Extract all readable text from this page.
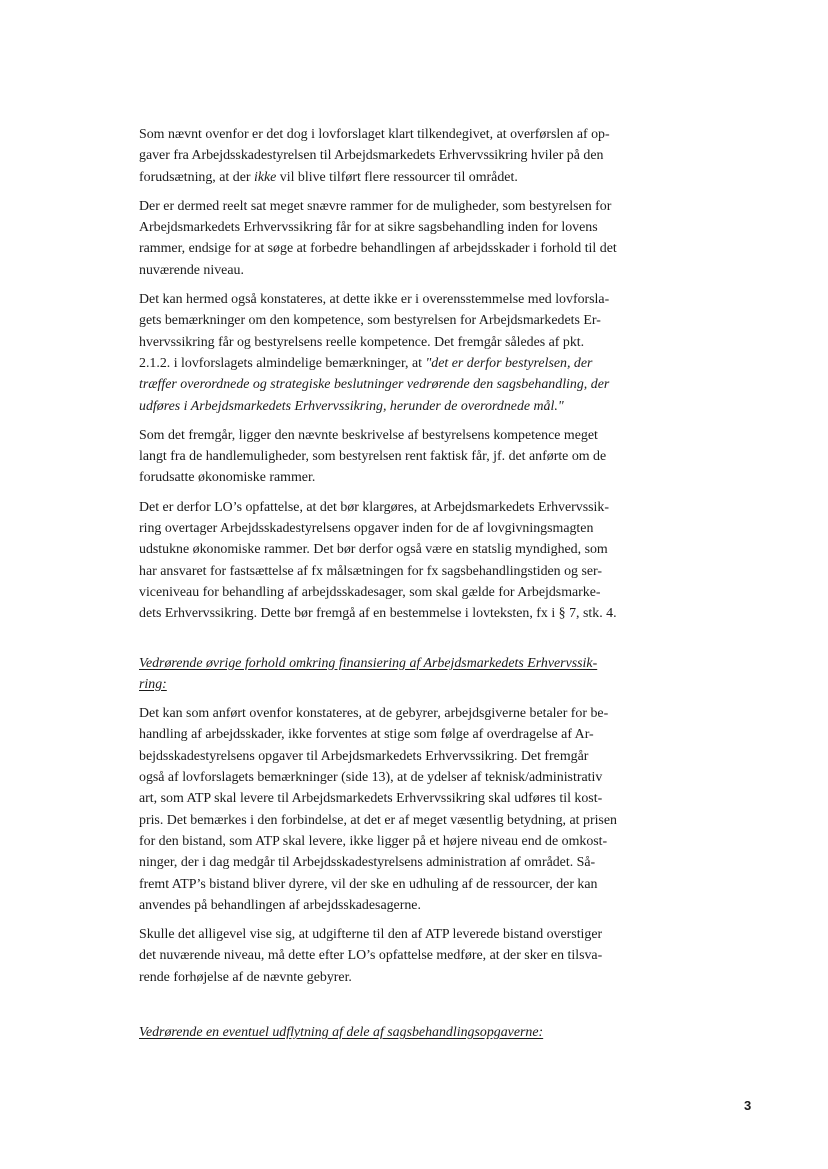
Som nævnt ovenfor er det dog i lovforslaget klart tilkendegivet, at overførslen af op-
gaver fra Arbejdsskadestyrelsen til Arbejdsmarkedets Erhvervssikring hviler på den
forudsætning, at der ikke vil blive tilført flere ressourcer til området.
Der er dermed reelt sat meget snævre rammer for de muligheder, som bestyrelsen for
Arbejdsmarkedets Erhvervssikring får for at sikre sagsbehandling inden for lovens
rammer, endsige for at søge at forbedre behandlingen af arbejdsskader i forhold til det
nuværende niveau.
Det kan hermed også konstateres, at dette ikke er i overensstemmelse med lovforsla-
gets bemærkninger om den kompetence, som bestyrelsen for Arbejdsmarkedets Er-
hvervssikring får og bestyrelsens reelle kompetence. Det fremgår således af pkt.
2.1.2. i lovforslagets almindelige bemærkninger, at "det er derfor bestyrelsen, der
træffer overordnede og strategiske beslutninger vedrørende den sagsbehandling, der
udføres i Arbejdsmarkedets Erhvervssikring, herunder de overordnede mål."
Som det fremgår, ligger den nævnte beskrivelse af bestyrelsens kompetence meget
langt fra de handlemuligheder, som bestyrelsen rent faktisk får, jf. det anførte om de
forudsatte økonomiske rammer.
Det er derfor LO’s opfattelse, at det bør klargøres, at Arbejdsmarkedets Erhvervssik-
ring overtager Arbejdsskadestyrelsens opgaver inden for de af lovgivningsmagten
udstukne økonomiske rammer. Det bør derfor også være en statslig myndighed, som
har ansvaret for fastsættelse af fx målsætningen for fx sagsbehandlingstiden og ser-
viceniveau for behandling af arbejdsskadesager, som skal gælde for Arbejdsmarke-
dets Erhvervssikring. Dette bør fremgå af en bestemmelse i lovteksten, fx i § 7, stk. 4.
Vedrørende øvrige forhold omkring finansiering af Arbejdsmarkedets Erhvervssik-
ring:
Det kan som anført ovenfor konstateres, at de gebyrer, arbejdsgiverne betaler for be-
handling af arbejdsskader, ikke forventes at stige som følge af overdragelse af Ar-
bejdsskadestyrelsens opgaver til Arbejdsmarkedets Erhvervssikring. Det fremgår
også af lovforslagets bemærkninger (side 13), at de ydelser af teknisk/administrativ
art, som ATP skal levere til Arbejdsmarkedets Erhvervssikring skal udføres til kost-
pris. Det bemærkes i den forbindelse, at det er af meget væsentlig betydning, at prisen
for den bistand, som ATP skal levere, ikke ligger på et højere niveau end de omkost-
ninger, der i dag medgår til Arbejdsskadestyrelsens administration af området. Så-
fremt ATP’s bistand bliver dyrere, vil der ske en udhuling af de ressourcer, der kan
anvendes på behandlingen af arbejdsskadesagerne.
Skulle det alligevel vise sig, at udgifterne til den af ATP leverede bistand overstiger
det nuværende niveau, må dette efter LO’s opfattelse medføre, at der sker en tilsva-
rende forhøjelse af de nævnte gebyrer.
Vedrørende en eventuel udflytning af dele af sagsbehandlingsopgaverne:
3
